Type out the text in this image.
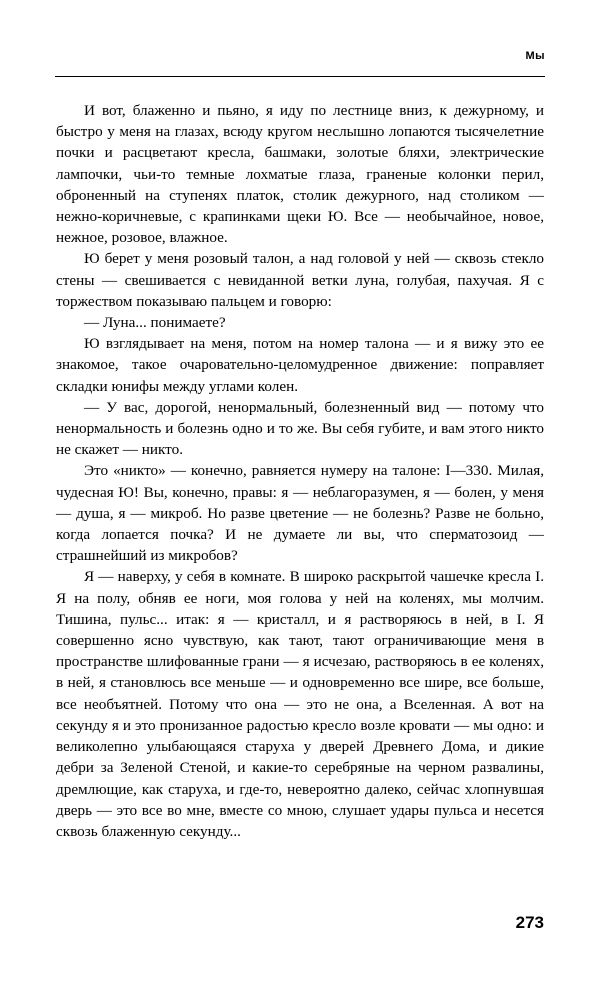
Мы

И вот, блаженно и пьяно, я иду по лестнице вниз, к дежурному, и быстро у меня на глазах, всюду кругом неслышно лопаются тысячелетние почки и расцветают кресла, башмаки, золотые бляхи, электрические лампочки, чьи-то темные лохматые глаза, граненые колонки перил, оброненный на ступенях платок, столик дежурного, над столиком — нежно-коричневые, с крапинками щеки Ю. Все — необычайное, новое, нежное, розовое, влажное.

Ю берет у меня розовый талон, а над головой у ней — сквозь стекло стены — свешивается с невиданной ветки луна, голубая, пахучая. Я с торжеством показываю пальцем и говорю:

— Луна... понимаете?

Ю взглядывает на меня, потом на номер талона — и я вижу это ее знакомое, такое очаровательно-целомудренное движение: поправляет складки юнифы между углами колен.

— У вас, дорогой, ненормальный, болезненный вид — потому что ненормальность и болезнь одно и то же. Вы себя губите, и вам этого никто не скажет — никто.

Это «никто» — конечно, равняется нумеру на талоне: I—330. Милая, чудесная Ю! Вы, конечно, правы: я — неблагоразумен, я — болен, у меня — душа, я — микроб. Но разве цветение — не болезнь? Разве не больно, когда лопается почка? И не думаете ли вы, что сперматозоид — страшнейший из микробов?

Я — наверху, у себя в комнате. В широко раскрытой чашечке кресла I. Я на полу, обняв ее ноги, моя голова у ней на коленях, мы молчим. Тишина, пульс... итак: я — кристалл, и я растворяюсь в ней, в I. Я совершенно ясно чувствую, как тают, тают ограничивающие меня в пространстве шлифованные грани — я исчезаю, растворяюсь в ее коленях, в ней, я становлюсь все меньше — и одновременно все шире, все больше, все необъятней. Потому что она — это не она, а Вселенная. А вот на секунду я и это пронизанное радостью кресло возле кровати — мы одно: и великолепно улыбающаяся старуха у дверей Древнего Дома, и дикие дебри за Зеленой Стеной, и какие-то серебряные на черном развалины, дремлющие, как старуха, и где-то, невероятно далеко, сейчас хлопнувшая дверь — это все во мне, вместе со мною, слушает удары пульса и несется сквозь блаженную секунду...

273
